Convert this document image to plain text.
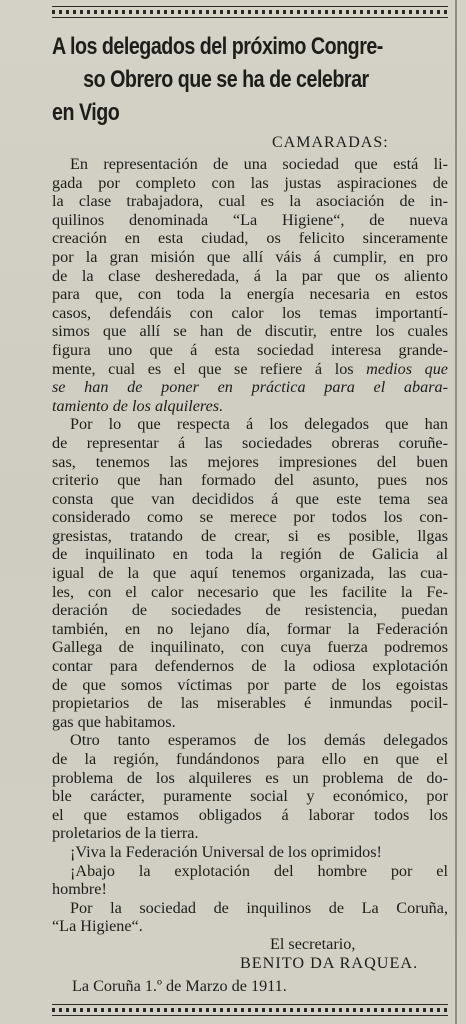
A los delegados del próximo Congre-
so Obrero que se ha de celebrar
en Vigo
CAMARADAS:
En representación de una sociedad que está li-
gada por completo con las justas aspiraciones de
la clase trabajadora, cual es la asociación de in-
quilinos denominada “La Higiene“, de nueva
creación en esta ciudad, os felicito sinceramente
por la gran misión que allí váis á cumplir, en pro
de la clase desheredada, á la par que os aliento
para que, con toda la energía necesaria en estos
casos, defendáis con calor los temas importantí-
simos que allí se han de discutir, entre los cuales
figura uno que á esta sociedad interesa grande-
mente, cual es el que se refiere á los medios que
se han de poner en práctica para el abara-
tamiento de los alquileres.
Por lo que respecta á los delegados que han
de representar á las sociedades obreras coruñe-
sas, tenemos las mejores impresiones del buen
criterio que han formado del asunto, pues nos
consta que van decididos á que este tema sea
considerado como se merece por todos los con-
gresistas, tratando de crear, si es posible, llgas
de inquilinato en toda la región de Galicia al
igual de la que aquí tenemos organizada, las cua-
les, con el calor necesario que les facilite la Fe-
deración de sociedades de resistencia, puedan
también, en no lejano día, formar la Federación
Gallega de inquilinato, con cuya fuerza podremos
contar para defendernos de la odiosa explotación
de que somos víctimas por parte de los egoistas
propietarios de las miserables é inmundas pocil-
gas que habitamos.
Otro tanto esperamos de los demás delegados
de la región, fundándonos para ello en que el
problema de los alquileres es un problema de do-
ble carácter, puramente social y económico, por
el que estamos obligados á laborar todos los
proletarios de la tierra.
¡Viva la Federación Universal de los oprimidos!
¡Abajo la explotación del hombre por el
hombre!
Por la sociedad de inquilinos de La Coruña,
“La Higiene“.
El secretario,
BENITO DA RAQUEA.
La Coruña 1.º de Marzo de 1911.
